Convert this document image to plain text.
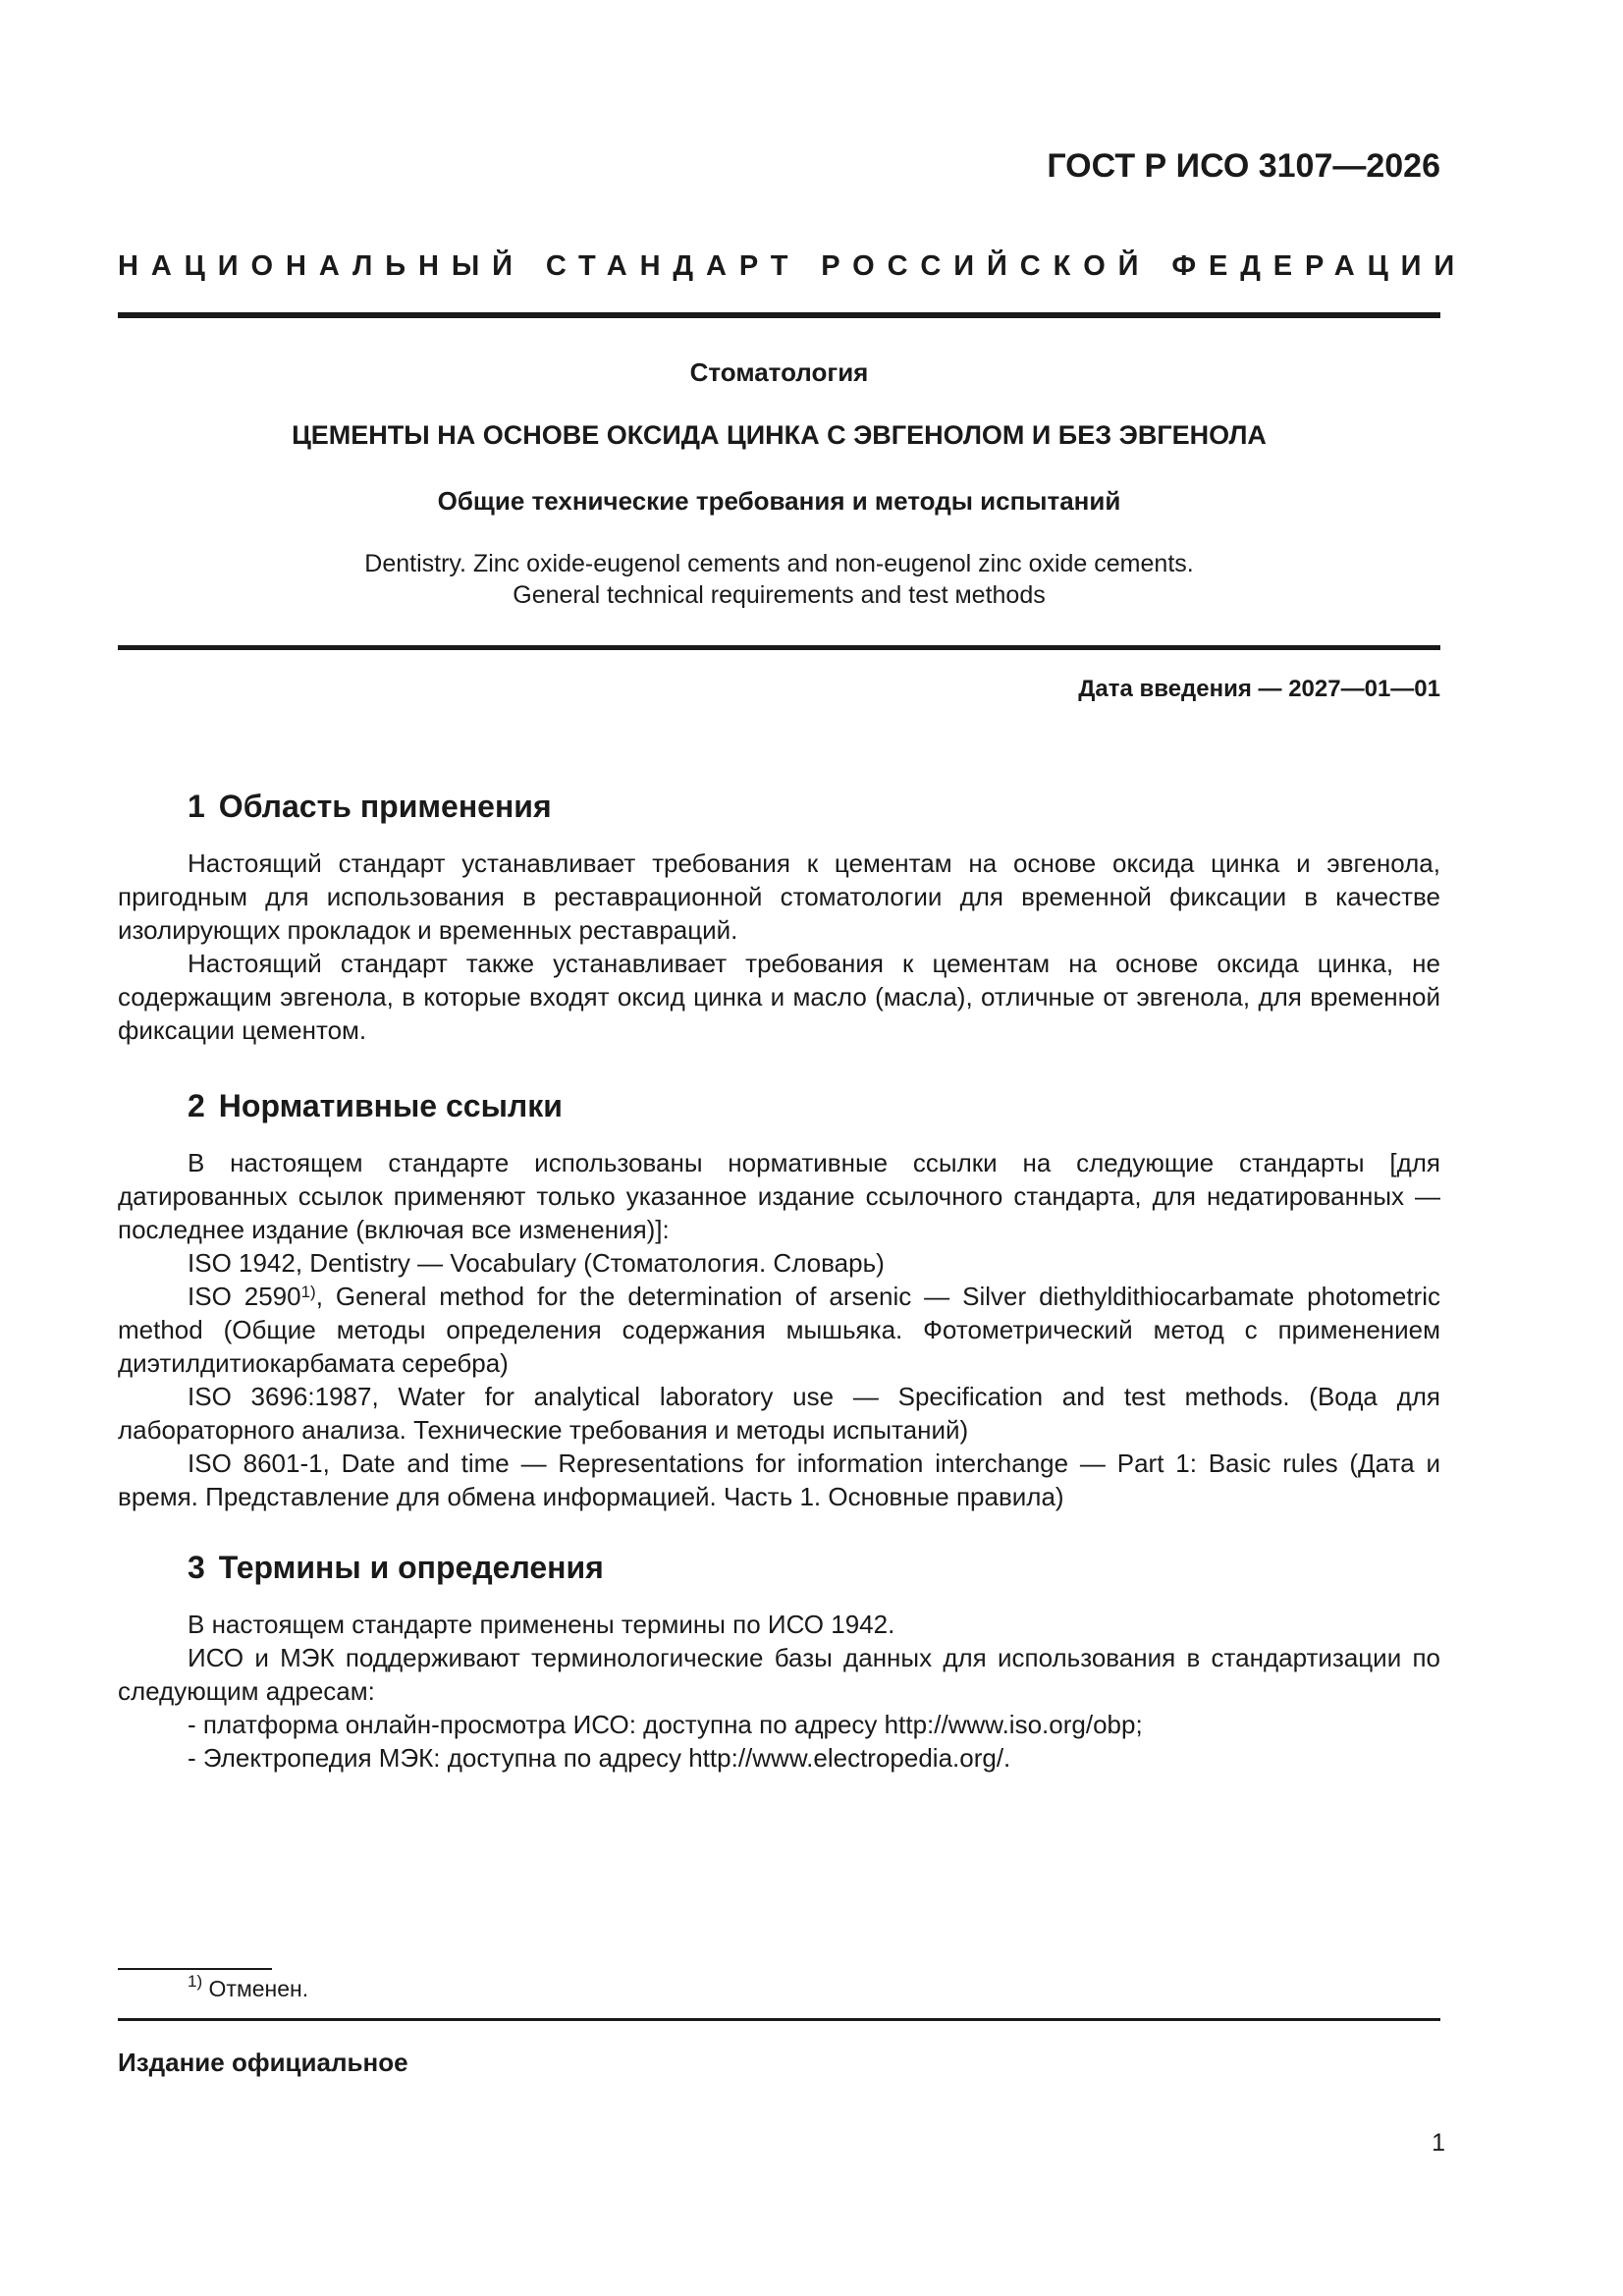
ГОСТ Р ИСО 3107—2026
НАЦИОНАЛЬНЫЙ СТАНДАРТ РОССИЙСКОЙ ФЕДЕРАЦИИ
Стоматология
ЦЕМЕНТЫ НА ОСНОВЕ ОКСИДА ЦИНКА С ЭВГЕНОЛОМ И БЕЗ ЭВГЕНОЛА
Общие технические требования и методы испытаний
Dentistry. Zinc oxide-eugenol cements and non-eugenol zinc oxide cements.
General technical requirements and test мethods
Дата введения — 2027—01—01
1 Область применения

Настоящий стандарт устанавливает требования к цементам на основе оксида цинка и эвгенола, пригодным для использования в реставрационной стоматологии для временной фиксации в качестве изолирующих прокладок и временных реставраций.

Настоящий стандарт также устанавливает требования к цементам на основе оксида цинка, не содержащим эвгенола, в которые входят оксид цинка и масло (масла), отличные от эвгенола, для временной фиксации цементом.

2 Нормативные ссылки

В настоящем стандарте использованы нормативные ссылки на следующие стандарты [для датированных ссылок применяют только указанное издание ссылочного стандарта, для недатированных — последнее издание (включая все изменения)]:

ISO 1942, Dentistry — Vocabulary (Стоматология. Словарь)

ISO 2590$^{1)}$, General method for the determination of arsenic — Silver diethyldithiocarbamate photometric method (Общие методы определения содержания мышьяка. Фотометрический метод с применением диэтилдитиокарбамата серебра)

ISO 3696:1987, Water for analytical laboratory use — Specification and test methods. (Вода для лабораторного анализа. Технические требования и методы испытаний)

ISO 8601-1, Date and time — Representations for information interchange — Part 1: Basic rules (Дата и время. Представление для обмена информацией. Часть 1. Основные правила)

3 Термины и определения

В настоящем стандарте применены термины по ИСО 1942.

ИСО и МЭК поддерживают терминологические базы данных для использования в стандартизации по следующим адресам:

- платформа онлайн-просмотра ИСО: доступна по адресу http://www.iso.org/obp;

- Электропедия МЭК: доступна по адресу http://www.electropedia.org/.

$^{1)}$ Отменен.
Издание официальное
1
